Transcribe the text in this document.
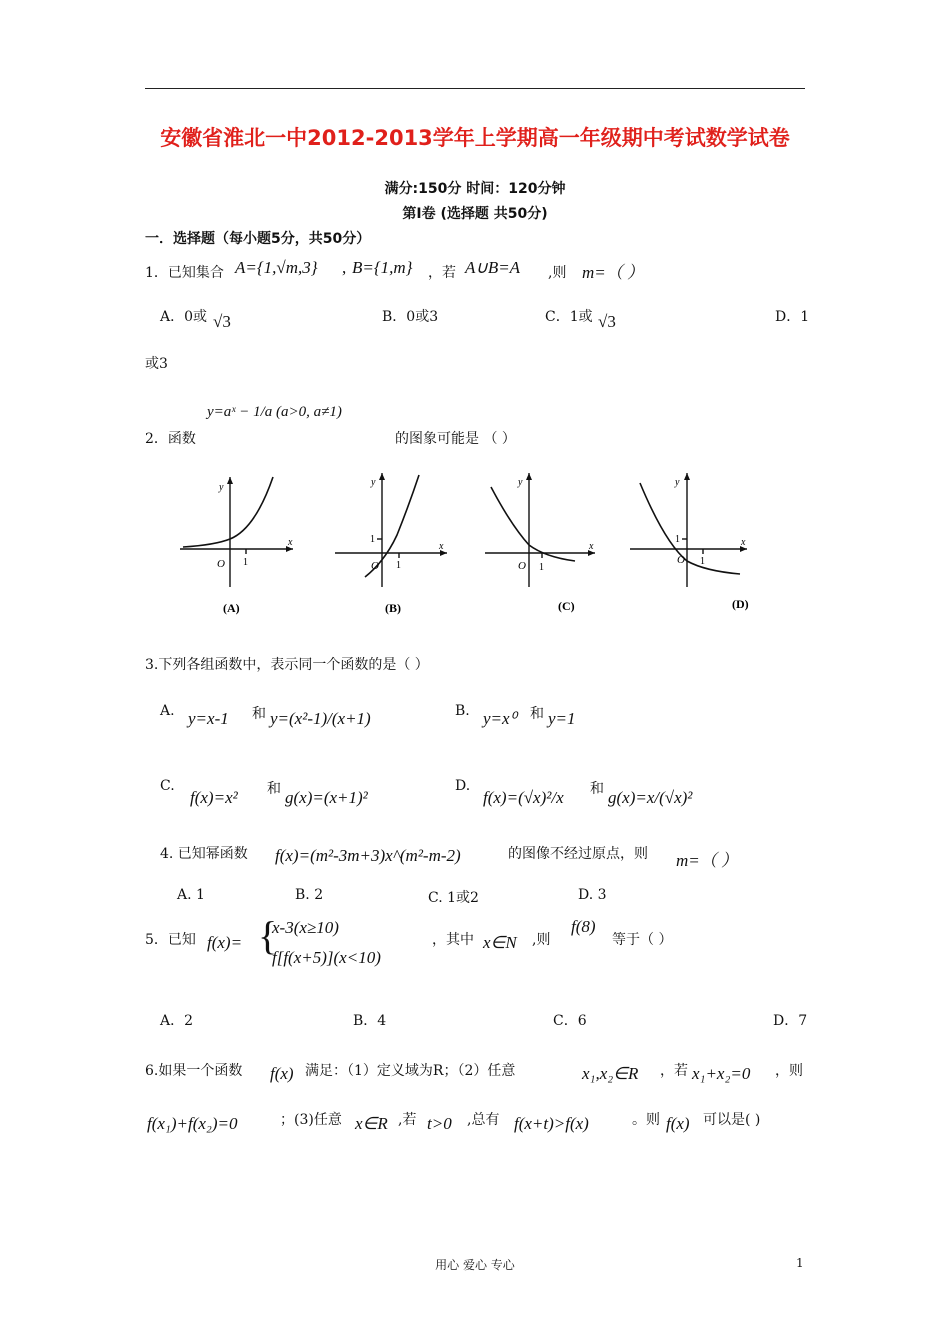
安徽省淮北一中2012-2013学年上学期高一年级期中考试数学试卷
满分:150分 时间：120分钟
第Ⅰ卷 (选择题 共50分)
一．选择题（每小题5分，共50分）
1．已知集合 A={1,√m,3} , B={1,m} ，若 A∪B=A ,则 m=（ ）
A．0或 √3	B．0或3	C．1或 √3	D．1
或3
y=aˣ − 1/a (a>0, a≠1)
2．函数	的图象可能是 （ ）
y
x
O 1
(A)
y
x
O 1
1
(B)
y
x
O 1
(C)
y
x
O 1
1
(D)
3.下列各组函数中，表示同一个函数的是（ ）
A. y=x-1 和 y=(x²-1)/(x+1)	B. y=x⁰ 和 y=1
C.
f(x)=x² 和 g(x)=(x+1)²
D.
f(x)=(√x)²/x 和 g(x)=x/(√x)²
4. 已知幂函数 f(x)=(m²-3m+3)x^(m²-m-2)	的图像不经过原点，则 m=（ ）
A. 1	B. 2	C. 1或2	D. 3
5．已知 f(x)= {
x-3(x≥10)
f[f(x+5)](x<10)
，其中 x∈N ,则
f(8)
等于（ ）
A．2	B．4	C．6	D．7
6.如果一个函数 f(x) 满足：（1）定义域为R；（2）任意	x₁,x₂∈R ，若 x₁+x₂=0 ，则
f(x₁)+f(x₂)=0	；(3)任意 x∈R ,若 t>0 ,总有 f(x+t)>f(x)	。则 f(x) 可以是( )
用心 爱心 专心	1
